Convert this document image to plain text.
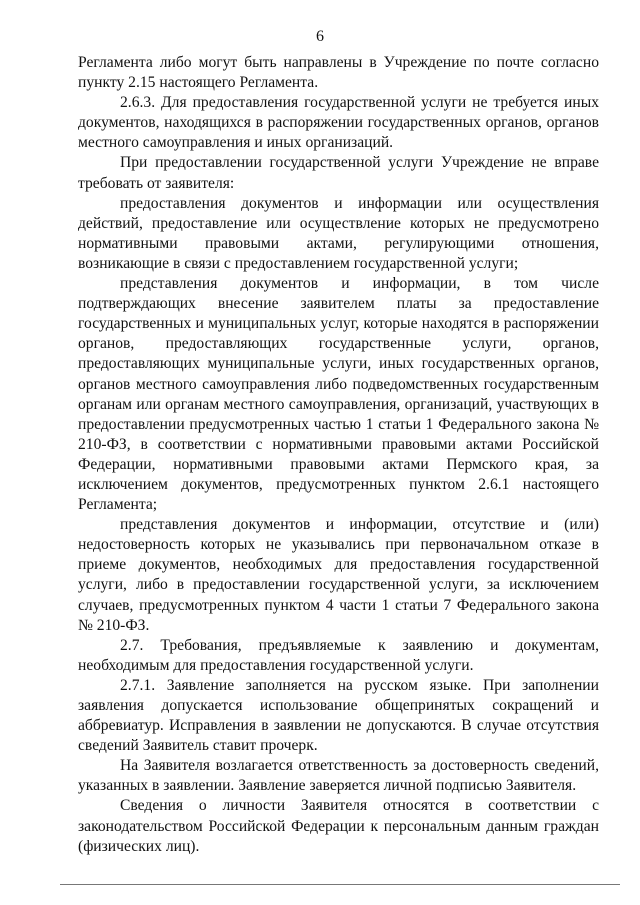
6

Регламента либо могут быть направлены в Учреждение по почте согласно пункту 2.15 настоящего Регламента.

2.6.3. Для предоставления государственной услуги не требуется иных документов, находящихся в распоряжении государственных органов, органов местного самоуправления и иных организаций.

При предоставлении государственной услуги Учреждение не вправе требовать от заявителя:

предоставления документов и информации или осуществления действий, предоставление или осуществление которых не предусмотрено нормативными правовыми актами, регулирующими отношения, возникающие в связи с предоставлением государственной услуги;

представления документов и информации, в том числе подтверждающих внесение заявителем платы за предоставление государственных и муниципальных услуг, которые находятся в распоряжении органов, предоставляющих государственные услуги, органов, предоставляющих муниципальные услуги, иных государственных органов, органов местного самоуправления либо подведомственных государственным органам или органам местного самоуправления, организаций, участвующих в предоставлении предусмотренных частью 1 статьи 1 Федерального закона № 210-ФЗ, в соответствии с нормативными правовыми актами Российской Федерации, нормативными правовыми актами Пермского края, за исключением документов, предусмотренных пунктом 2.6.1 настоящего Регламента;

представления документов и информации, отсутствие и (или) недостоверность которых не указывались при первоначальном отказе в приеме документов, необходимых для предоставления государственной услуги, либо в предоставлении государственной услуги, за исключением случаев, предусмотренных пунктом 4 части 1 статьи 7 Федерального закона № 210-ФЗ.

2.7. Требования, предъявляемые к заявлению и документам, необходимым для предоставления государственной услуги.

2.7.1. Заявление заполняется на русском языке. При заполнении заявления допускается использование общепринятых сокращений и аббревиатур. Исправления в заявлении не допускаются. В случае отсутствия сведений Заявитель ставит прочерк.

На Заявителя возлагается ответственность за достоверность сведений, указанных в заявлении. Заявление заверяется личной подписью Заявителя.

Сведения о личности Заявителя относятся в соответствии с законодательством Российской Федерации к персональным данным граждан (физических лиц).
